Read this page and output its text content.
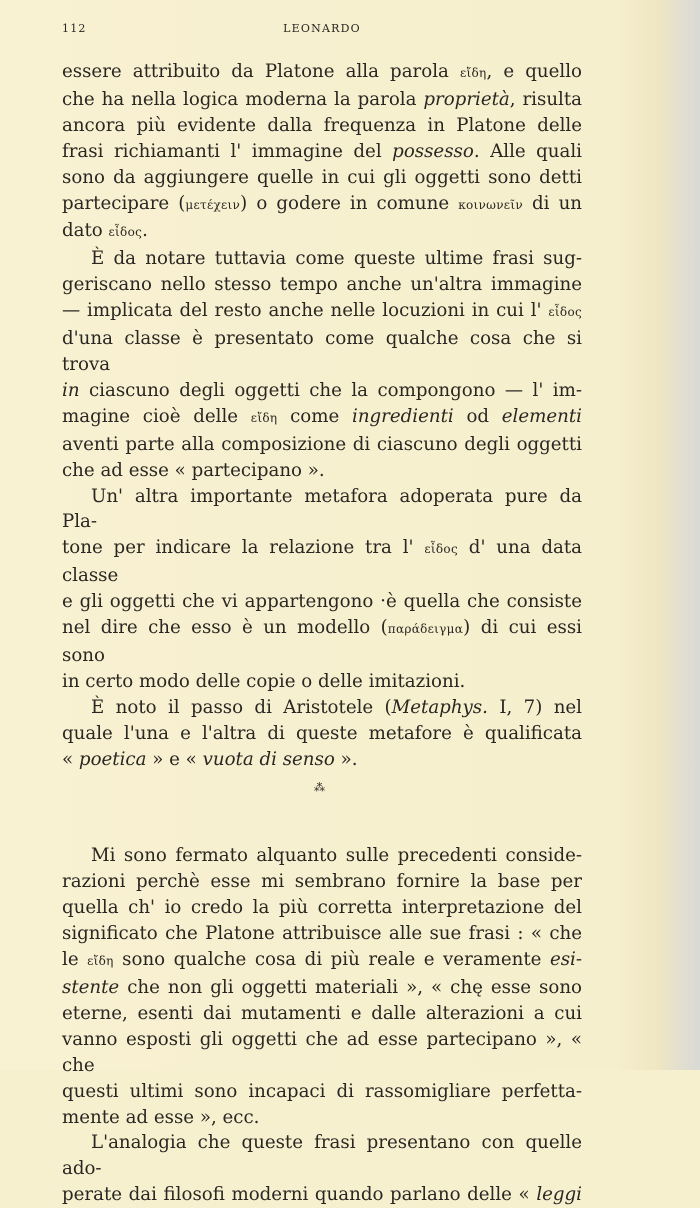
112	LEONARDO

essere attribuito da Platone alla parola εἴδη, e quello

che ha nella logica moderna la parola proprietà, risulta

ancora più evidente dalla frequenza in Platone delle

frasi richiamanti l' immagine del possesso. Alle quali

sono da aggiungere quelle in cui gli oggetti sono detti

partecipare (μετέχειν) o godere in comune κοινωνεῖν di un

dato εἶδος.

È da notare tuttavia come queste ultime frasi sug-

geriscano nello stesso tempo anche un'altra immagine

— implicata del resto anche nelle locuzioni in cui l' εἶδος

d'una classe è presentato come qualche cosa che si trova

in ciascuno degli oggetti che la compongono — l' im-

magine cioè delle εἴδη come ingredienti od elementi

aventi parte alla composizione di ciascuno degli oggetti

che ad esse « partecipano ».

Un' altra importante metafora adoperata pure da Pla-

tone per indicare la relazione tra l' εἶδος d' una data classe

e gli oggetti che vi appartengono ·è quella che consiste

nel dire che esso è un modello (παράδειγμα) di cui essi sono

in certo modo delle copie o delle imitazioni.

È noto il passo di Aristotele (Metaphys. I, 7) nel

quale l'una e l'altra di queste metafore è qualificata

« poetica » e « vuota di senso ».

⁂

Mi sono fermato alquanto sulle precedenti conside-

razioni perchè esse mi sembrano fornire la base per

quella ch' io credo la più corretta interpretazione del

significato che Platone attribuisce alle sue frasi : « che

le εἴδη sono qualche cosa di più reale e veramente esi-

stente che non gli oggetti materiali », « chę esse sono

eterne, esenti dai mutamenti e dalle alterazioni a cui

vanno esposti gli oggetti che ad esse partecipano », « che

questi ultimi sono incapaci di rassomigliare perfetta-

mente ad esse », ecc.

L'analogia che queste frasi presentano con quelle ado-

perate dai filosofi moderni quando parlano delle « leggi
